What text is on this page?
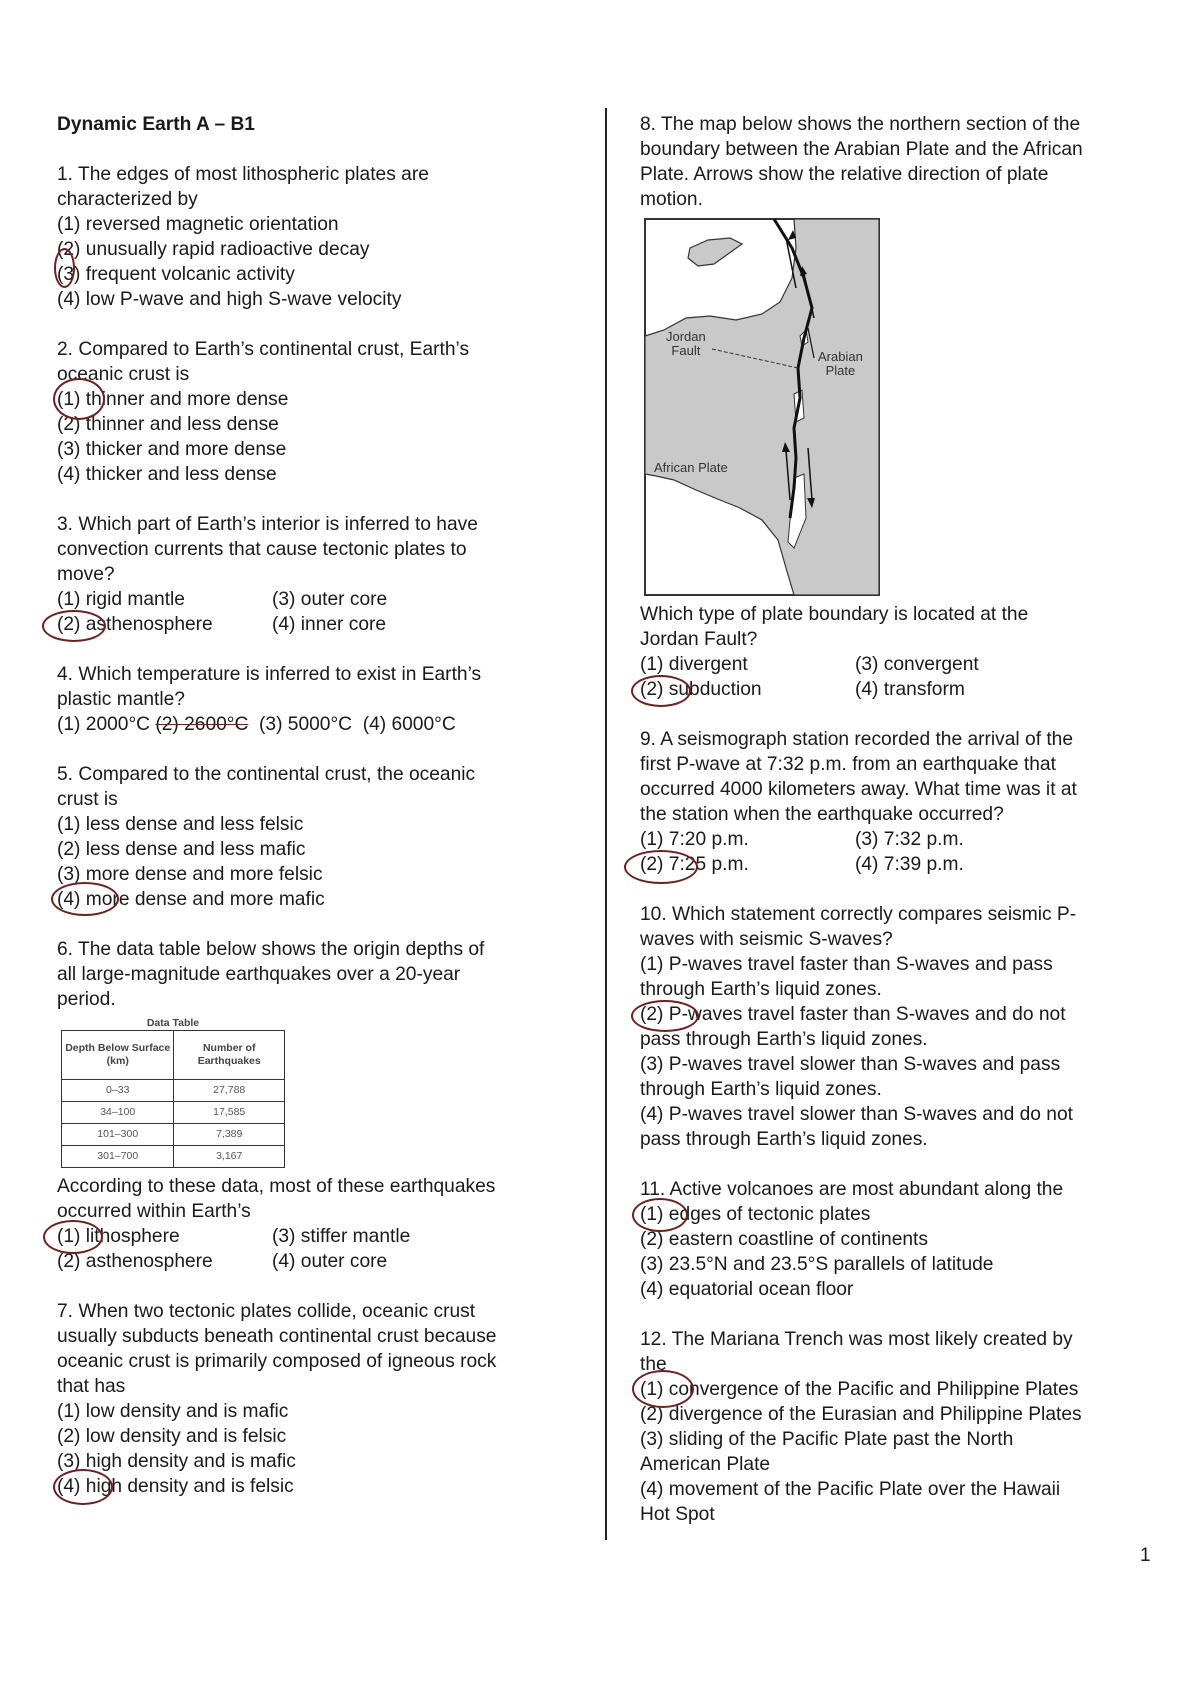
Dynamic Earth A – B1

1. The edges of most lithospheric plates are

characterized by

(1) reversed magnetic orientation

(2) unusually rapid radioactive decay

(3) frequent volcanic activity

(4) low P-wave and high S-wave velocity

2. Compared to Earth’s continental crust, Earth’s

oceanic crust is

(1) thinner and more dense

(2) thinner and less dense

(3) thicker and more dense

(4) thicker and less dense

3. Which part of Earth’s interior is inferred to have

convection currents that cause tectonic plates to

move?

(1) rigid mantle	(3) outer core
(2) asthenosphere	(4) inner core

4. Which temperature is inferred to exist in Earth’s

plastic mantle?

(1) 2000°C (2) 2600°C (3) 5000°C (4) 6000°C

5. Compared to the continental crust, the oceanic

crust is

(1) less dense and less felsic

(2) less dense and less mafic

(3) more dense and more felsic

(4) more dense and more mafic

6. The data table below shows the origin depths of

all large-magnitude earthquakes over a 20-year

period.

Data Table
Depth Below Surface (km)	Number of Earthquakes
0–33	27,788
34–100	17,585
101–300	7,389
301–700	3,167

According to these data, most of these earthquakes

occurred within Earth’s

(1) lithosphere	(3) stiffer mantle
(2) asthenosphere	(4) outer core

7. When two tectonic plates collide, oceanic crust

usually subducts beneath continental crust because

oceanic crust is primarily composed of igneous rock

that has

(1) low density and is mafic

(2) low density and is felsic

(3) high density and is mafic

(4) high density and is felsic

8. The map below shows the northern section of the

boundary between the Arabian Plate and the African

Plate. Arrows show the relative direction of plate

motion.

Jordan
Fault	Arabian
Plate
African Plate

Which type of plate boundary is located at the

Jordan Fault?

(1) divergent	(3) convergent
(2) subduction	(4) transform

9. A seismograph station recorded the arrival of the

first P-wave at 7:32 p.m. from an earthquake that

occurred 4000 kilometers away. What time was it at

the station when the earthquake occurred?

(1) 7:20 p.m.	(3) 7:32 p.m.
(2) 7:25 p.m.	(4) 7:39 p.m.

10. Which statement correctly compares seismic P-

waves with seismic S-waves?

(1) P-waves travel faster than S-waves and pass

through Earth’s liquid zones.

(2) P-waves travel faster than S-waves and do not

pass through Earth’s liquid zones.

(3) P-waves travel slower than S-waves and pass

through Earth’s liquid zones.

(4) P-waves travel slower than S-waves and do not

pass through Earth’s liquid zones.

11. Active volcanoes are most abundant along the

(1) edges of tectonic plates

(2) eastern coastline of continents

(3) 23.5°N and 23.5°S parallels of latitude

(4) equatorial ocean floor

12. The Mariana Trench was most likely created by

the

(1) convergence of the Pacific and Philippine Plates

(2) divergence of the Eurasian and Philippine Plates

(3) sliding of the Pacific Plate past the North

American Plate

(4) movement of the Pacific Plate over the Hawaii

Hot Spot

1
